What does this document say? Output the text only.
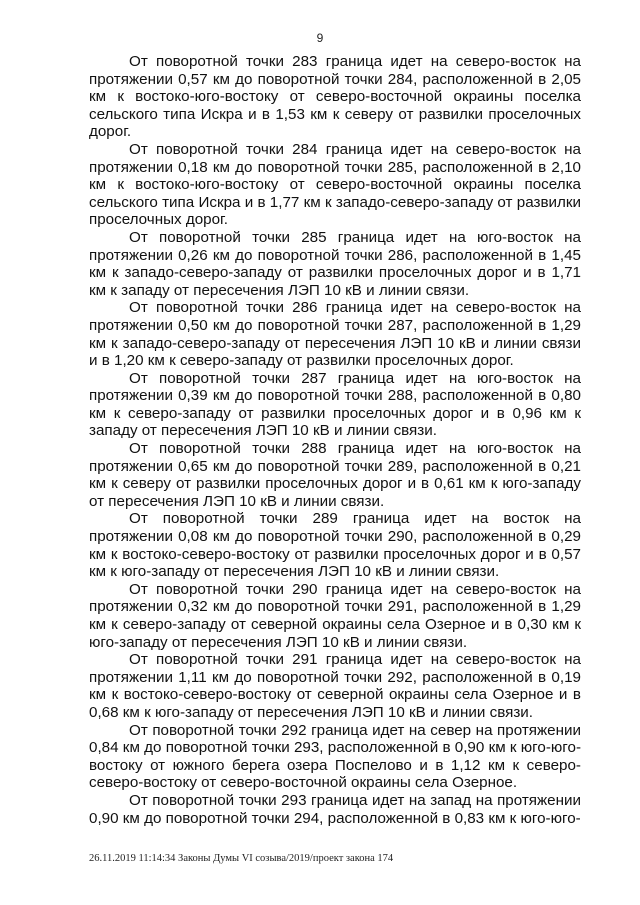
9

От поворотной точки 283 граница идет на северо-восток на протяжении 0,57 км до поворотной точки 284, расположенной в 2,05 км к востоко-юго-востоку от северо-восточной окраины поселка сельского типа Искра и в 1,53 км к северу от развилки проселочных дорог.

От поворотной точки 284 граница идет на северо-восток на протяжении 0,18 км до поворотной точки 285, расположенной в 2,10 км к востоко-юго-востоку от северо-восточной окраины поселка сельского типа Искра и в 1,77 км к западо-северо-западу от развилки проселочных дорог.

От поворотной точки 285 граница идет на юго-восток на протяжении 0,26 км до поворотной точки 286, расположенной в 1,45 км к западо-северо-западу от развилки проселочных дорог и в 1,71 км к западу от пересечения ЛЭП 10 кВ и линии связи.

От поворотной точки 286 граница идет на северо-восток на протяжении 0,50 км до поворотной точки 287, расположенной в 1,29 км к западо-северо-западу от пересечения ЛЭП 10 кВ и линии связи и в 1,20 км к северо-западу от развилки проселочных дорог.

От поворотной точки 287 граница идет на юго-восток на протяжении 0,39 км до поворотной точки 288, расположенной в 0,80 км к северо-западу от развилки проселочных дорог и в 0,96 км к западу от пересечения ЛЭП 10 кВ и линии связи.

От поворотной точки 288 граница идет на юго-восток на протяжении 0,65 км до поворотной точки 289, расположенной в 0,21 км к северу от развилки проселочных дорог и в 0,61 км к юго-западу от пересечения ЛЭП 10 кВ и линии связи.

От поворотной точки 289 граница идет на восток на протяжении 0,08 км до поворотной точки 290, расположенной в 0,29 км к востоко-северо-востоку от развилки проселочных дорог и в 0,57 км к юго-западу от пересечения ЛЭП 10 кВ и линии связи.

От поворотной точки 290 граница идет на северо-восток на протяжении 0,32 км до поворотной точки 291, расположенной в 1,29 км к северо-западу от северной окраины села Озерное и в 0,30 км к юго-западу от пересечения ЛЭП 10 кВ и линии связи.

От поворотной точки 291 граница идет на северо-восток на протяжении 1,11 км до поворотной точки 292, расположенной в 0,19 км к востоко-северо-востоку от северной окраины села Озерное и в 0,68 км к юго-западу от пересечения ЛЭП 10 кВ и линии связи.

От поворотной точки 292 граница идет на север на протяжении 0,84 км до поворотной точки 293, расположенной в 0,90 км к юго-юго-востоку от южного берега озера Поспелово и в 1,12 км к северо-северо-востоку от северо-восточной окраины села Озерное.

От поворотной точки 293 граница идет на запад на протяжении 0,90 км до поворотной точки 294, расположенной в 0,83 км к юго-юго-

26.11.2019 11:14:34 Законы Думы VI созыва/2019/проект закона 174
